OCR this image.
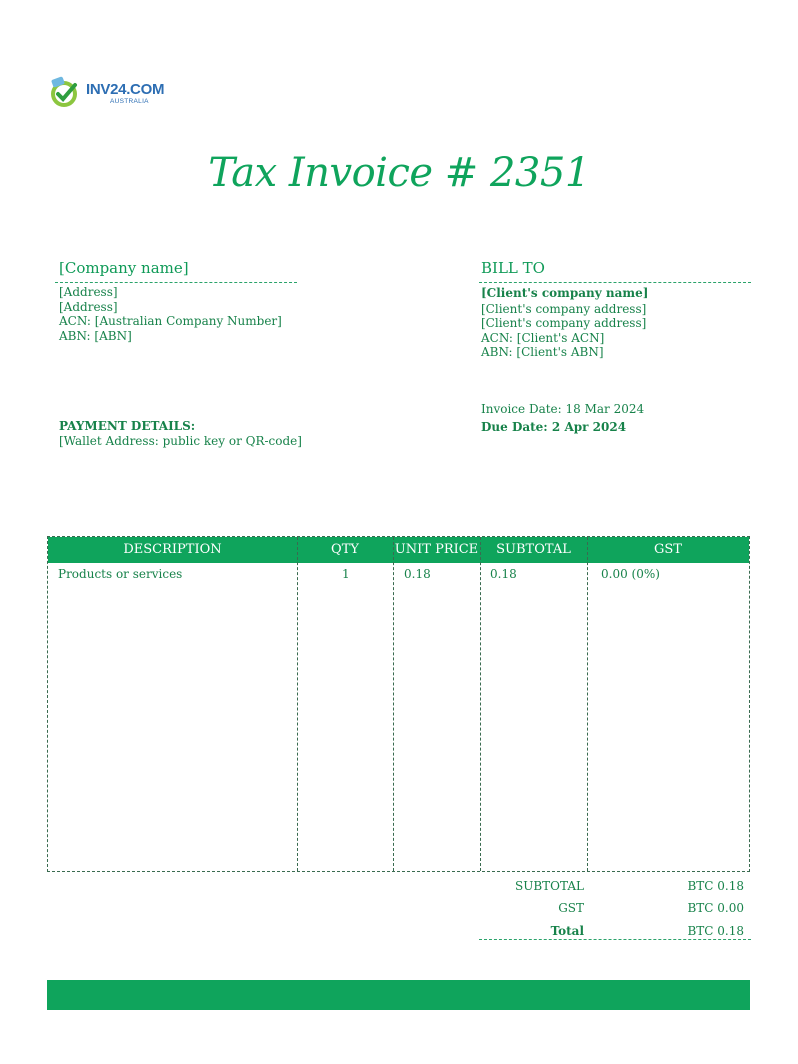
INV24.COM
AUSTRALIA
Tax Invoice # 2351
[Company name]
[Address]
[Address]
ACN: [Australian Company Number]
ABN: [ABN]
BILL TO
[Client's company name]
[Client's company address]
[Client's company address]
ACN: [Client's ACN]
ABN: [Client's ABN]
Invoice Date: 18 Mar 2024
Due Date: 2 Apr 2024
PAYMENT DETAILS:
[Wallet Address: public key or QR-code]
DESCRIPTION	QTY	UNIT PRICE	SUBTOTAL	GST
Products or services	1	0.18	0.18	0.00 (0%)
SUBTOTAL	BTC 0.18
GST	BTC 0.00
Total	BTC 0.18
